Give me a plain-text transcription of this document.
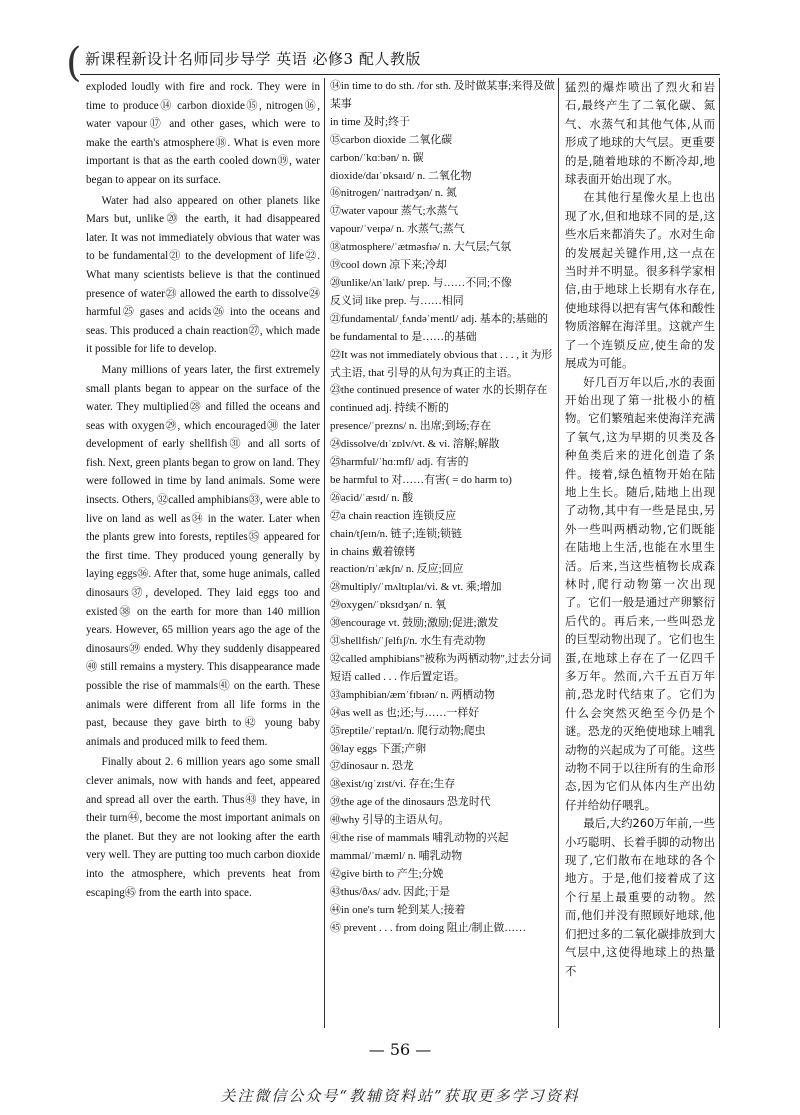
( 新课程新设计名师同步导学 英语 必修3 配人教版

exploded loudly with fire and rock. They were in time to produce⑭ carbon dioxide⑮, nitrogen⑯, water vapour⑰ and other gases, which were to make the earth's atmosphere⑱. What is even more important is that as the earth cooled down⑲, water began to appear on its surface.

Water had also appeared on other planets like Mars but, unlike⑳ the earth, it had disappeared later. It was not immediately obvious that water was to be fundamental㉑ to the development of life㉒. What many scientists believe is that the continued presence of water㉓ allowed the earth to dissolve㉔ harmful㉕ gases and acids㉖ into the oceans and seas. This produced a chain reaction㉗, which made it possible for life to develop.

Many millions of years later, the first extremely small plants began to appear on the surface of the water. They multiplied㉘ and filled the oceans and seas with oxygen㉙, which encouraged㉚ the later development of early shellfish㉛ and all sorts of fish. Next, green plants began to grow on land. They were followed in time by land animals. Some were insects. Others, ㉜called amphibians㉝, were able to live on land as well as㉞ in the water. Later when the plants grew into forests, reptiles㉟ appeared for the first time. They produced young generally by laying eggs㊱. After that, some huge animals, called dinosaurs㊲, developed. They laid eggs too and existed㊳ on the earth for more than 140 million years. However, 65 million years ago the age of the dinosaurs㊴ ended. Why they suddenly disappeared㊵ still remains a mystery. This disappearance made possible the rise of mammals㊶ on the earth. These animals were different from all life forms in the past, because they gave birth to㊷ young baby animals and produced milk to feed them.

Finally about 2. 6 million years ago some small clever animals, now with hands and feet, appeared and spread all over the earth. Thus㊸ they have, in their turn㊹, become the most important animals on the planet. But they are not looking after the earth very well. They are putting too much carbon dioxide into the atmosphere, which prevents heat from escaping㊺ from the earth into space.

⑭in time to do sth. /for sth. 及时做某事;来得及做某事

in time 及时;终于

⑮carbon dioxide 二氧化碳

carbon/ˈkɑːbən/ n. 碳

dioxide/daɪˈɒksaɪd/ n. 二氧化物

⑯nitrogen/ˈnaɪtrədʒən/ n. 氮

⑰water vapour 蒸气;水蒸气

vapour/ˈveɪpə/ n. 水蒸气;蒸气

⑱atmosphere/ˈætməsfɪə/ n. 大气层;气氛

⑲cool down 凉下来;冷却

⑳unlike/ʌnˈlaɪk/ prep. 与……不同;不像

反义词 like prep. 与……相同

㉑fundamental/ˌfʌndəˈmentl/ adj. 基本的;基础的

be fundamental to 是……的基础

㉒It was not immediately obvious that . . . , it 为形式主语, that 引导的从句为真正的主语。

㉓the continued presence of water 水的长期存在

continued adj. 持续不断的

presence/ˈprezns/ n. 出席;到场;存在

㉔dissolve/dɪˈzɒlv/vt. & vi. 溶解;解散

㉕harmful/ˈhɑːmfl/ adj. 有害的

be harmful to 对……有害( = do harm to)

㉖acid/ˈæsɪd/ n. 酸

㉗a chain reaction 连锁反应

chain/tʃeɪn/n. 链子;连锁;锁链

in chains 戴着镣铐

reaction/rɪˈækʃn/ n. 反应;回应

㉘multiply/ˈmʌltɪplaɪ/vi. & vt. 乘;增加

㉙oxygen/ˈɒksɪdʒən/ n. 氧

㉚encourage vt. 鼓励;激励;促进;激发

㉛shellfish/ˈʃelfɪʃ/n. 水生有壳动物

㉜called amphibians"被称为两栖动物",过去分词短语 called . . . 作后置定语。

㉝amphibian/æmˈfɪbɪən/ n. 两栖动物

㉞as well as 也;还;与……一样好

㉟reptile/ˈreptaɪl/n. 爬行动物;爬虫

㊱lay eggs 下蛋;产卵

㊲dinosaur n. 恐龙

㊳exist/ɪɡˈzɪst/vi. 存在;生存

㊴the age of the dinosaurs 恐龙时代

㊵why 引导的主语从句。

㊶the rise of mammals 哺乳动物的兴起

mammal/ˈmæml/ n. 哺乳动物

㊷give birth to 产生;分娩

㊸thus/ðʌs/ adv. 因此;于是

㊹in one's turn 轮到某人;接着

㊺ prevent . . . from doing 阻止/制止做……

猛烈的爆炸喷出了烈火和岩石,最终产生了二氧化碳、氮气、水蒸气和其他气体,从而形成了地球的大气层。更重要的是,随着地球的不断冷却,地球表面开始出现了水。

在其他行星像火星上也出现了水,但和地球不同的是,这些水后来都消失了。水对生命的发展起关键作用,这一点在当时并不明显。很多科学家相信,由于地球上长期有水存在,使地球得以把有害气体和酸性物质溶解在海洋里。这就产生了一个连锁反应,使生命的发展成为可能。

好几百万年以后,水的表面开始出现了第一批极小的植物。它们繁殖起来使海洋充满了氧气,这为早期的贝类及各种鱼类后来的进化创造了条件。接着,绿色植物开始在陆地上生长。随后,陆地上出现了动物,其中有一些是昆虫,另外一些叫两栖动物,它们既能在陆地上生活,也能在水里生活。后来,当这些植物长成森林时,爬行动物第一次出现了。它们一般是通过产卵繁衍后代的。再后来,一些叫恐龙的巨型动物出现了。它们也生蛋,在地球上存在了一亿四千多万年。然而,六千五百万年前,恐龙时代结束了。它们为什么会突然灭绝至今仍是个谜。恐龙的灭绝使地球上哺乳动物的兴起成为了可能。这些动物不同于以往所有的生命形态,因为它们从体内生产出幼仔并给幼仔喂乳。

最后,大约260万年前,一些小巧聪明、长着手脚的动物出现了,它们散布在地球的各个地方。于是,他们接着成了这个行星上最重要的动物。然而,他们并没有照顾好地球,他们把过多的二氧化碳排放到大气层中,这使得地球上的热量不

— 56 —
关注微信公众号“教辅资料站”获取更多学习资料
